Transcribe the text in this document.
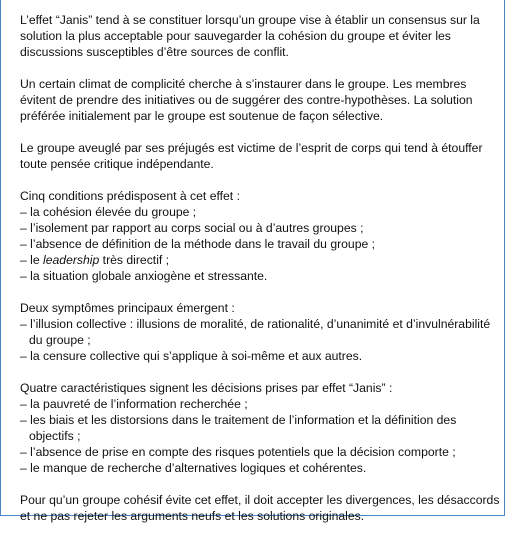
L’effet “Janis” tend à se constituer lorsqu’un groupe vise à établir un consensus sur la solution la plus acceptable pour sauvegarder la cohésion du groupe et éviter les discussions susceptibles d’être sources de conflit.

Un certain climat de complicité cherche à s’instaurer dans le groupe. Les membres évitent de prendre des initiatives ou de suggérer des contre-hypothèses. La solution préférée initialement par le groupe est soutenue de façon sélective.

Le groupe aveuglé par ses préjugés est victime de l’esprit de corps qui tend à étouffer toute pensée critique indépendante.

Cinq conditions prédisposent à cet effet :
– la cohésion élevée du groupe ;
– l’isolement par rapport au corps social ou à d’autres groupes ;
– l’absence de définition de la méthode dans le travail du groupe ;
– le leadership très directif ;
– la situation globale anxiogène et stressante.
Deux symptômes principaux émergent :
– l’illusion collective : illusions de moralité, de rationalité, d’unanimité et d’invulnérabilité du groupe ;
– la censure collective qui s’applique à soi-même et aux autres.
Quatre caractéristiques signent les décisions prises par effet “Janis” :
– la pauvreté de l’information recherchée ;
– les biais et les distorsions dans le traitement de l’information et la définition des objectifs ;
– l’absence de prise en compte des risques potentiels que la décision comporte ;
– le manque de recherche d’alternatives logiques et cohérentes.

Pour qu’un groupe cohésif évite cet effet, il doit accepter les divergences, les désaccords et ne pas rejeter les arguments neufs et les solutions originales.
